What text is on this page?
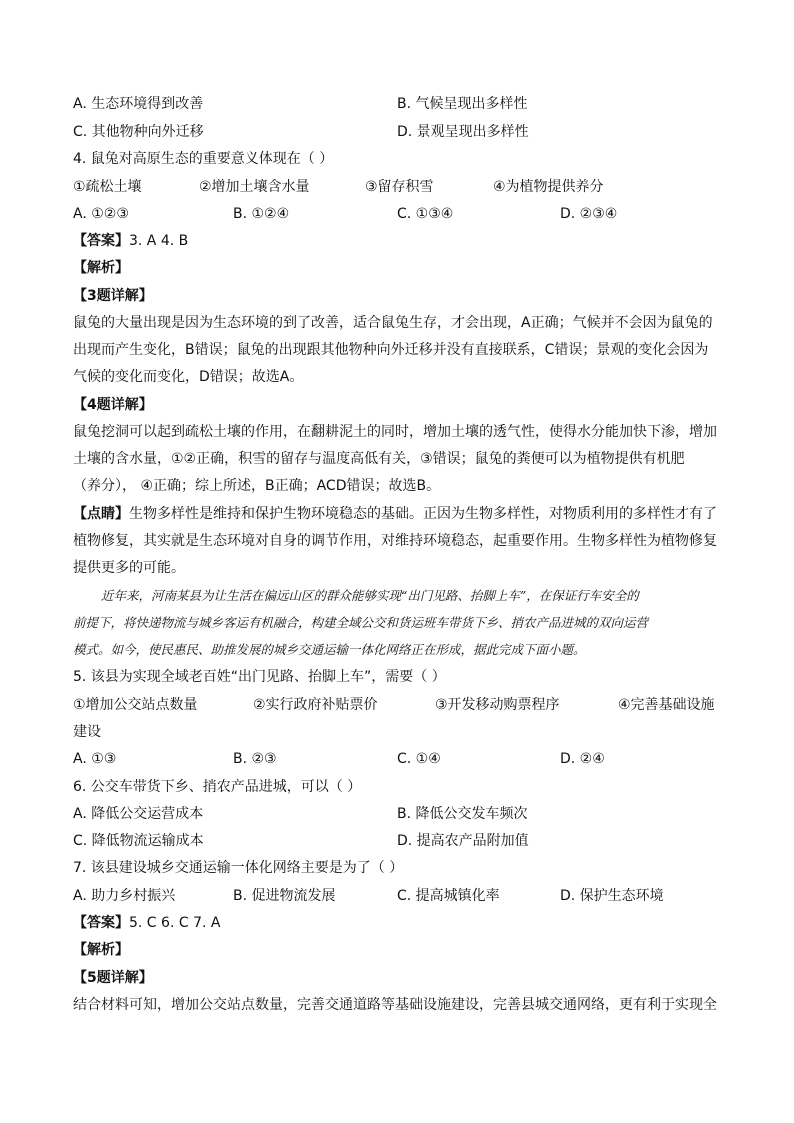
A. 生态环境得到改善	B. 气候呈现出多样性
C. 其他物种向外迁移	D. 景观呈现出多样性
4. 鼠兔对高原生态的重要意义体现在（ ）
①疏松土壤	②增加土壤含水量	③留存积雪	④为植物提供养分
A. ①②③	B. ①②④	C. ①③④	D. ②③④
【答案】3. A 4. B
【解析】
【3题详解】
鼠兔的大量出现是因为生态环境的到了改善，适合鼠兔生存，才会出现，A正确；气候并不会因为鼠兔的
出现而产生变化，B错误；鼠兔的出现跟其他物种向外迁移并没有直接联系，C错误；景观的变化会因为
气候的变化而变化，D错误；故选A。
【4题详解】
鼠兔挖洞可以起到疏松土壤的作用，在翻耕泥土的同时，增加土壤的透气性，使得水分能加快下渗，增加
土壤的含水量，①②正确，积雪的留存与温度高低有关，③错误；鼠兔的粪便可以为植物提供有机肥
（养分）， ④正确；综上所述，B正确；ACD错误；故选B。
【点睛】生物多样性是维持和保护生物环境稳态的基础。正因为生物多样性，对物质利用的多样性才有了
植物修复，其实就是生态环境对自身的调节作用，对维持环境稳态，起重要作用。生物多样性为植物修复
提供更多的可能。
近年来，河南某县为让生活在偏远山区的群众能够实现“出门见路、抬脚上车”，在保证行车安全的
前提下，将快递物流与城乡客运有机融合，构建全域公交和货运班车带货下乡、捎农产品进城的双向运营
模式。如今，使民惠民、助推发展的城乡交通运输一体化网络正在形成，据此完成下面小题。
5. 该县为实现全域老百姓“出门见路、抬脚上车”，需要（ ）
①增加公交站点数量	②实行政府补贴票价	③开发移动购票程序	④完善基础设施
建设
A. ①③	B. ②③	C. ①④	D. ②④
6. 公交车带货下乡、捎农产品进城，可以（ ）
A. 降低公交运营成本	B. 降低公交发车频次
C. 降低物流运输成本	D. 提高农产品附加值
7. 该县建设城乡交通运输一体化网络主要是为了（ ）
A. 助力乡村振兴	B. 促进物流发展	C. 提高城镇化率	D. 保护生态环境
【答案】5. C 6. C 7. A
【解析】
【5题详解】
结合材料可知，增加公交站点数量，完善交通道路等基础设施建设，完善县城交通网络，更有利于实现全
